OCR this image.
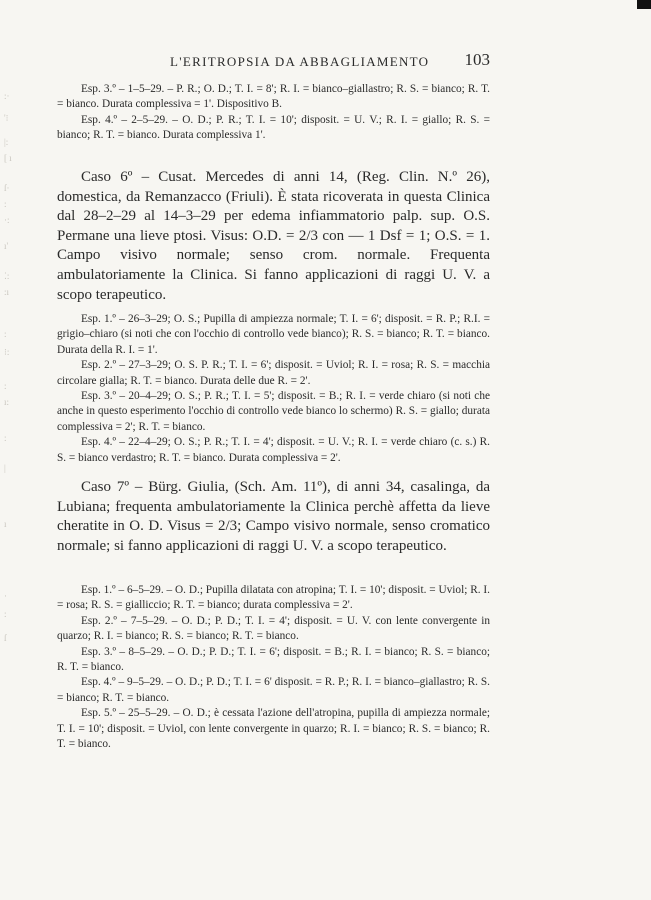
:·
'⁝
|:
[ ı
ſ·
:
·:
ı'
⁚:
:ı
:
⁝:
:
ı:
:
|
ı
·
:
ſ
L'ERITROPSIA DA ABBAGLIAMENTO 103

Esp. 3.º – 1–5–29. – P. R.; O. D.; T. I. = 8'; R. I. = bianco–giallastro; R. S. = bianco; R. T. = bianco. Durata complessiva = 1'. Dispositivo B.

Esp. 4.º – 2–5–29. – O. D.; P. R.; T. I. = 10'; disposit. = U. V.; R. I. = giallo; R. S. = bianco; R. T. = bianco. Durata complessiva 1'.

Caso 6º – Cusat. Mercedes di anni 14, (Reg. Clin. N.º 26), domestica, da Remanzacco (Friuli). È stata ricoverata in questa Clinica dal 28–2–29 al 14–3–29 per edema infiammatorio palp. sup. O.S. Permane una lieve ptosi. Visus: O.D. = 2/3 con — 1 Dsf = 1; O.S. = 1. Campo visivo normale; senso crom. normale. Frequenta ambulatoriamente la Clinica. Si fanno applicazioni di raggi U. V. a scopo terapeutico.

Esp. 1.º – 26–3–29; O. S.; Pupilla di ampiezza normale; T. I. = 6'; disposit. = R. P.; R.I. = grigio–chiaro (si noti che con l'occhio di controllo vede bianco); R. S. = bianco; R. T. = bianco. Durata della R. I. = 1'.

Esp. 2.º – 27–3–29; O. S. P. R.; T. I. = 6'; disposit. = Uviol; R. I. = rosa; R. S. = macchia circolare gialla; R. T. = bianco. Durata delle due R. = 2'.

Esp. 3.º – 20–4–29; O. S.; P. R.; T. I. = 5'; disposit. = B.; R. I. = verde chiaro (si noti che anche in questo esperimento l'occhio di controllo vede bianco lo schermo) R. S. = giallo; durata complessiva = 2'; R. T. = bianco.

Esp. 4.º – 22–4–29; O. S.; P. R.; T. I. = 4'; disposit. = U. V.; R. I. = verde chiaro (c. s.) R. S. = bianco verdastro; R. T. = bianco. Durata complessiva = 2'.

Caso 7º – Bürg. Giulia, (Sch. Am. 11º), di anni 34, casalinga, da Lubiana; frequenta ambulatoriamente la Clinica perchè affetta da lieve cheratite in O. D. Visus = 2/3; Campo visivo normale, senso cromatico normale; si fanno applicazioni di raggi U. V. a scopo terapeutico.

Esp. 1.º – 6–5–29. – O. D.; Pupilla dilatata con atropina; T. I. = 10'; disposit. = Uviol; R. I. = rosa; R. S. = giallic​cio; R. T. = bianco; durata complessiva = 2'.

Esp. 2.º – 7–5–29. – O. D.; P. D.; T. I. = 4'; disposit. = U. V. con lente convergente in quarzo; R. I. = bianco; R. S. = bianco; R. T. = bianco.

Esp. 3.º – 8–5–29. – O. D.; P. D.; T. I. = 6'; disposit. = B.; R. I. = bianco; R. S. = bianco; R. T. = bianco.

Esp. 4.º – 9–5–29. – O. D.; P. D.; T. I. = 6' disposit. = R. P.; R. I. = bianco–giallastro; R. S. = bianco; R. T. = bianco.

Esp. 5.º – 25–5–29. – O. D.; è cessata l'azione dell'atropina, pupilla di ampiezza normale; T. I. = 10'; disposit. = Uviol, con lente convergente in quarzo; R. I. = bianco; R. S. = bianco; R. T. = bianco.
